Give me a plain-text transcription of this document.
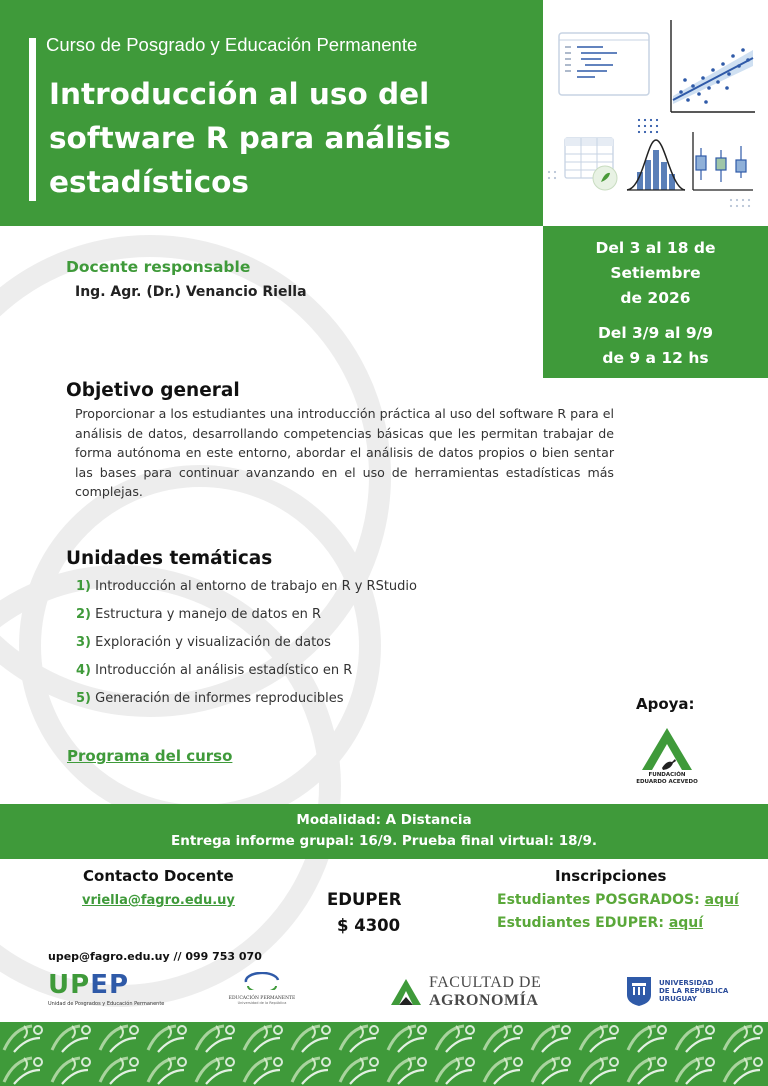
Curso de Posgrado y Educación Permanente
Introducción al uso del software R para análisis estadísticos
Del 3 al 18 de
Setiembre
de 2026
Del 3/9 al 9/9
de 9 a 12 hs
Docente responsable
Ing. Agr. (Dr.) Venancio Riella
Objetivo general
Proporcionar a los estudiantes una introducción práctica al uso del software R para el análisis de datos, desarrollando competencias básicas que les permitan trabajar de forma autónoma en este entorno, abordar el análisis de datos propios o bien sentar las bases para continuar avanzando en el uso de herramientas estadísticas más complejas.
Unidades temáticas
1) Introducción al entorno de trabajo en R y RStudio
2) Estructura y manejo de datos en R
3) Exploración y visualización de datos
4) Introducción al análisis estadístico en R
5) Generación de informes reproducibles
Programa del curso
Apoya:
FUNDACIÓN
EDUARDO ACEVEDO
Modalidad: A Distancia
Entrega informe grupal: 16/9. Prueba final virtual: 18/9.
Contacto Docente
vriella@fagro.edu.uy	EDUPER
$ 4300
Inscripciones
Estudiantes POSGRADOS: aquí
Estudiantes EDUPER: aquí
upep@fagro.edu.uy // 099 753 070
UPEP
Unidad de Posgrados y Educación Permanente
EDUCACIÓN PERMANENTE
Universidad de la República
FACULTAD DE
AGRONOMÍA
UNIVERSIDAD
DE LA REPÚBLICA
URUGUAY
